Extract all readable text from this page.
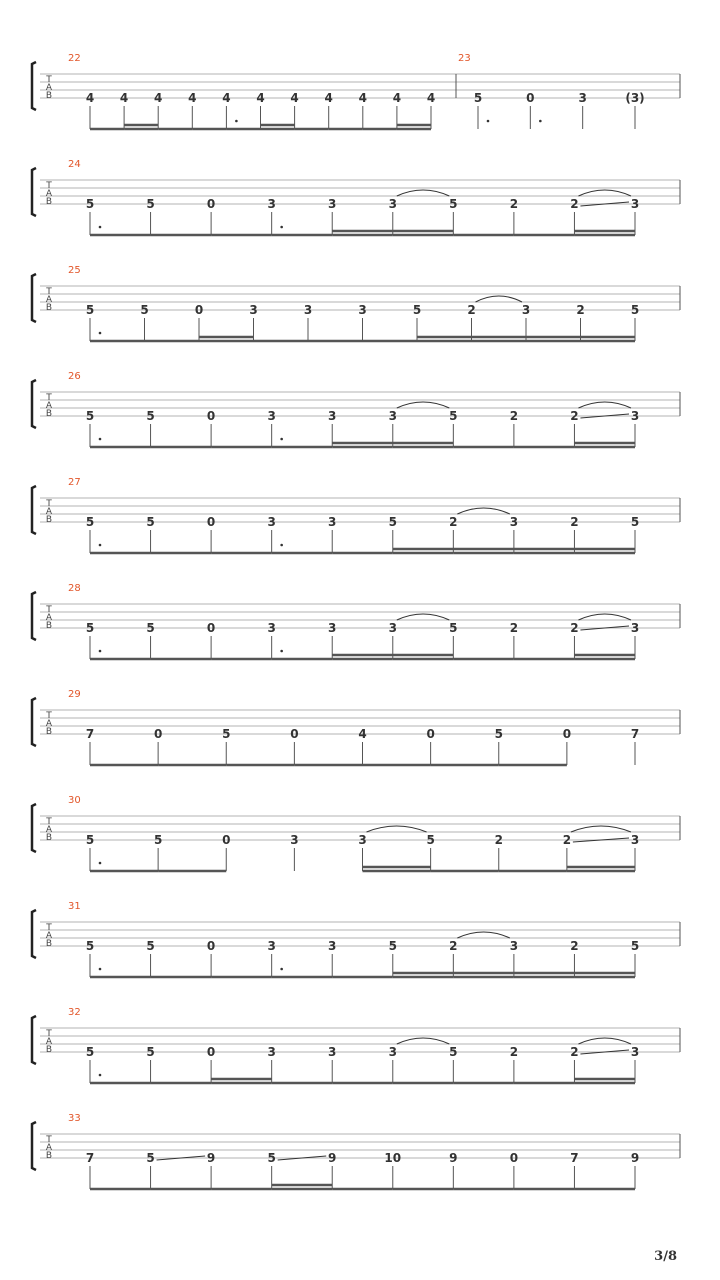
T
A
B
22
4 4 4 4 4 4 4 4 4 4 4
23
5	0	3	(3)
T
A
B
24
5	5	0	3	3	3	5	2	2	3
T
A
B
25
5	5	0	3	3	3	5	2	3	2	5
T
A
B
26
5	5	0	3	3	3	5	2	2	3
T
A
B
27
5	5	0	3	3	5	2	3	2	5
T
A
B
28
5	5	0	3	3	3	5	2	2	3
T
A
B
29
7	0	5	0	4	0	5	0	7
T
A
B
30
5	5	0	3	3	5	2	2	3
T
A
B
31
5	5	0	3	3	5	2	3	2	5
T
A
B
32
5	5	0	3	3	3	5	2	2	3
T
A
B
33
7	5	9	5	9	10	9	0	7	9
3/8
